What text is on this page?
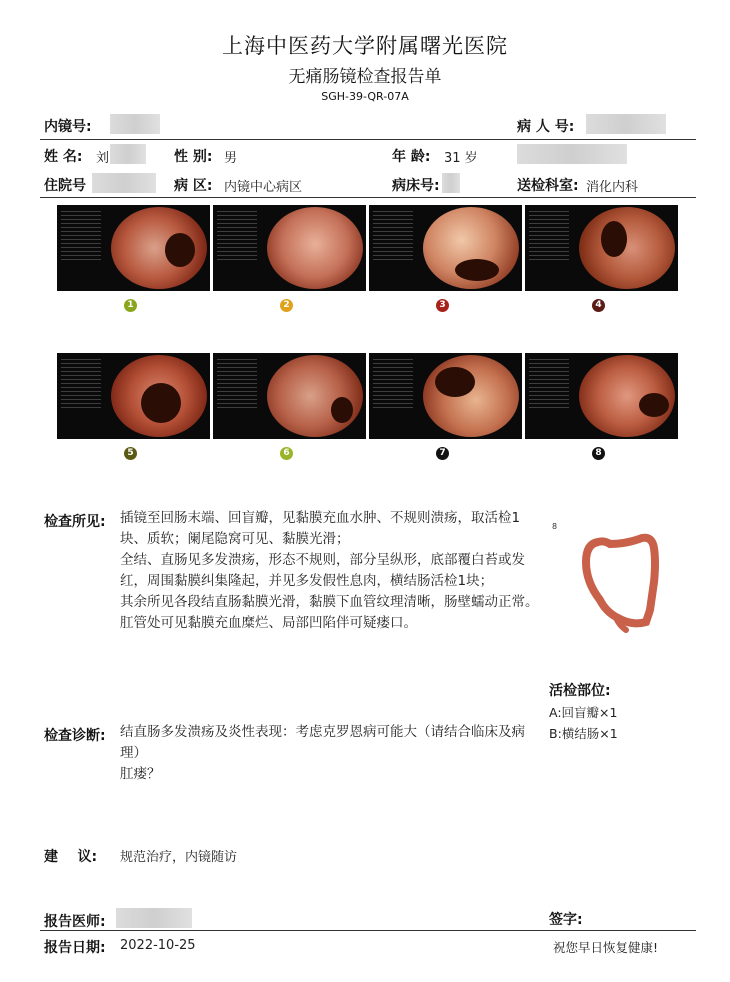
上海中医药大学附属曙光医院
无痛肠镜检查报告单
SGH-39-QR-07A
内镜号:	病 人 号:
姓 名:	刘	性 别: 男	年 龄: 31 岁
住院号	病 区: 内镜中心病区	病床号:	送检科室: 消化内科
1	2	3	4
5	6	7	8
检查所见: 插镜至回肠末端、回盲瓣，见黏膜充血水肿、不规则溃疡，取活检1块、质软；阑尾隐窝可见、黏膜光滑；
全结、直肠见多发溃疡，形态不规则，部分呈纵形，底部覆白苔或发红，周围黏膜纠集隆起，并见多发假性息肉，横结肠活检1块；
其余所见各段结直肠黏膜光滑，黏膜下血管纹理清晰，肠壁蠕动正常。
肛管处可见黏膜充血糜烂、局部凹陷伴可疑瘘口。
8
活检部位:
A:回盲瓣×1
B:横结肠×1
检查诊断: 结直肠多发溃疡及炎性表现：考虑克罗恩病可能大（请结合临床及病理）
肛瘘？
建    议: 规范治疗，内镜随访
报告医师:	签字:
报告日期: 2022-10-25	祝您早日恢复健康!
